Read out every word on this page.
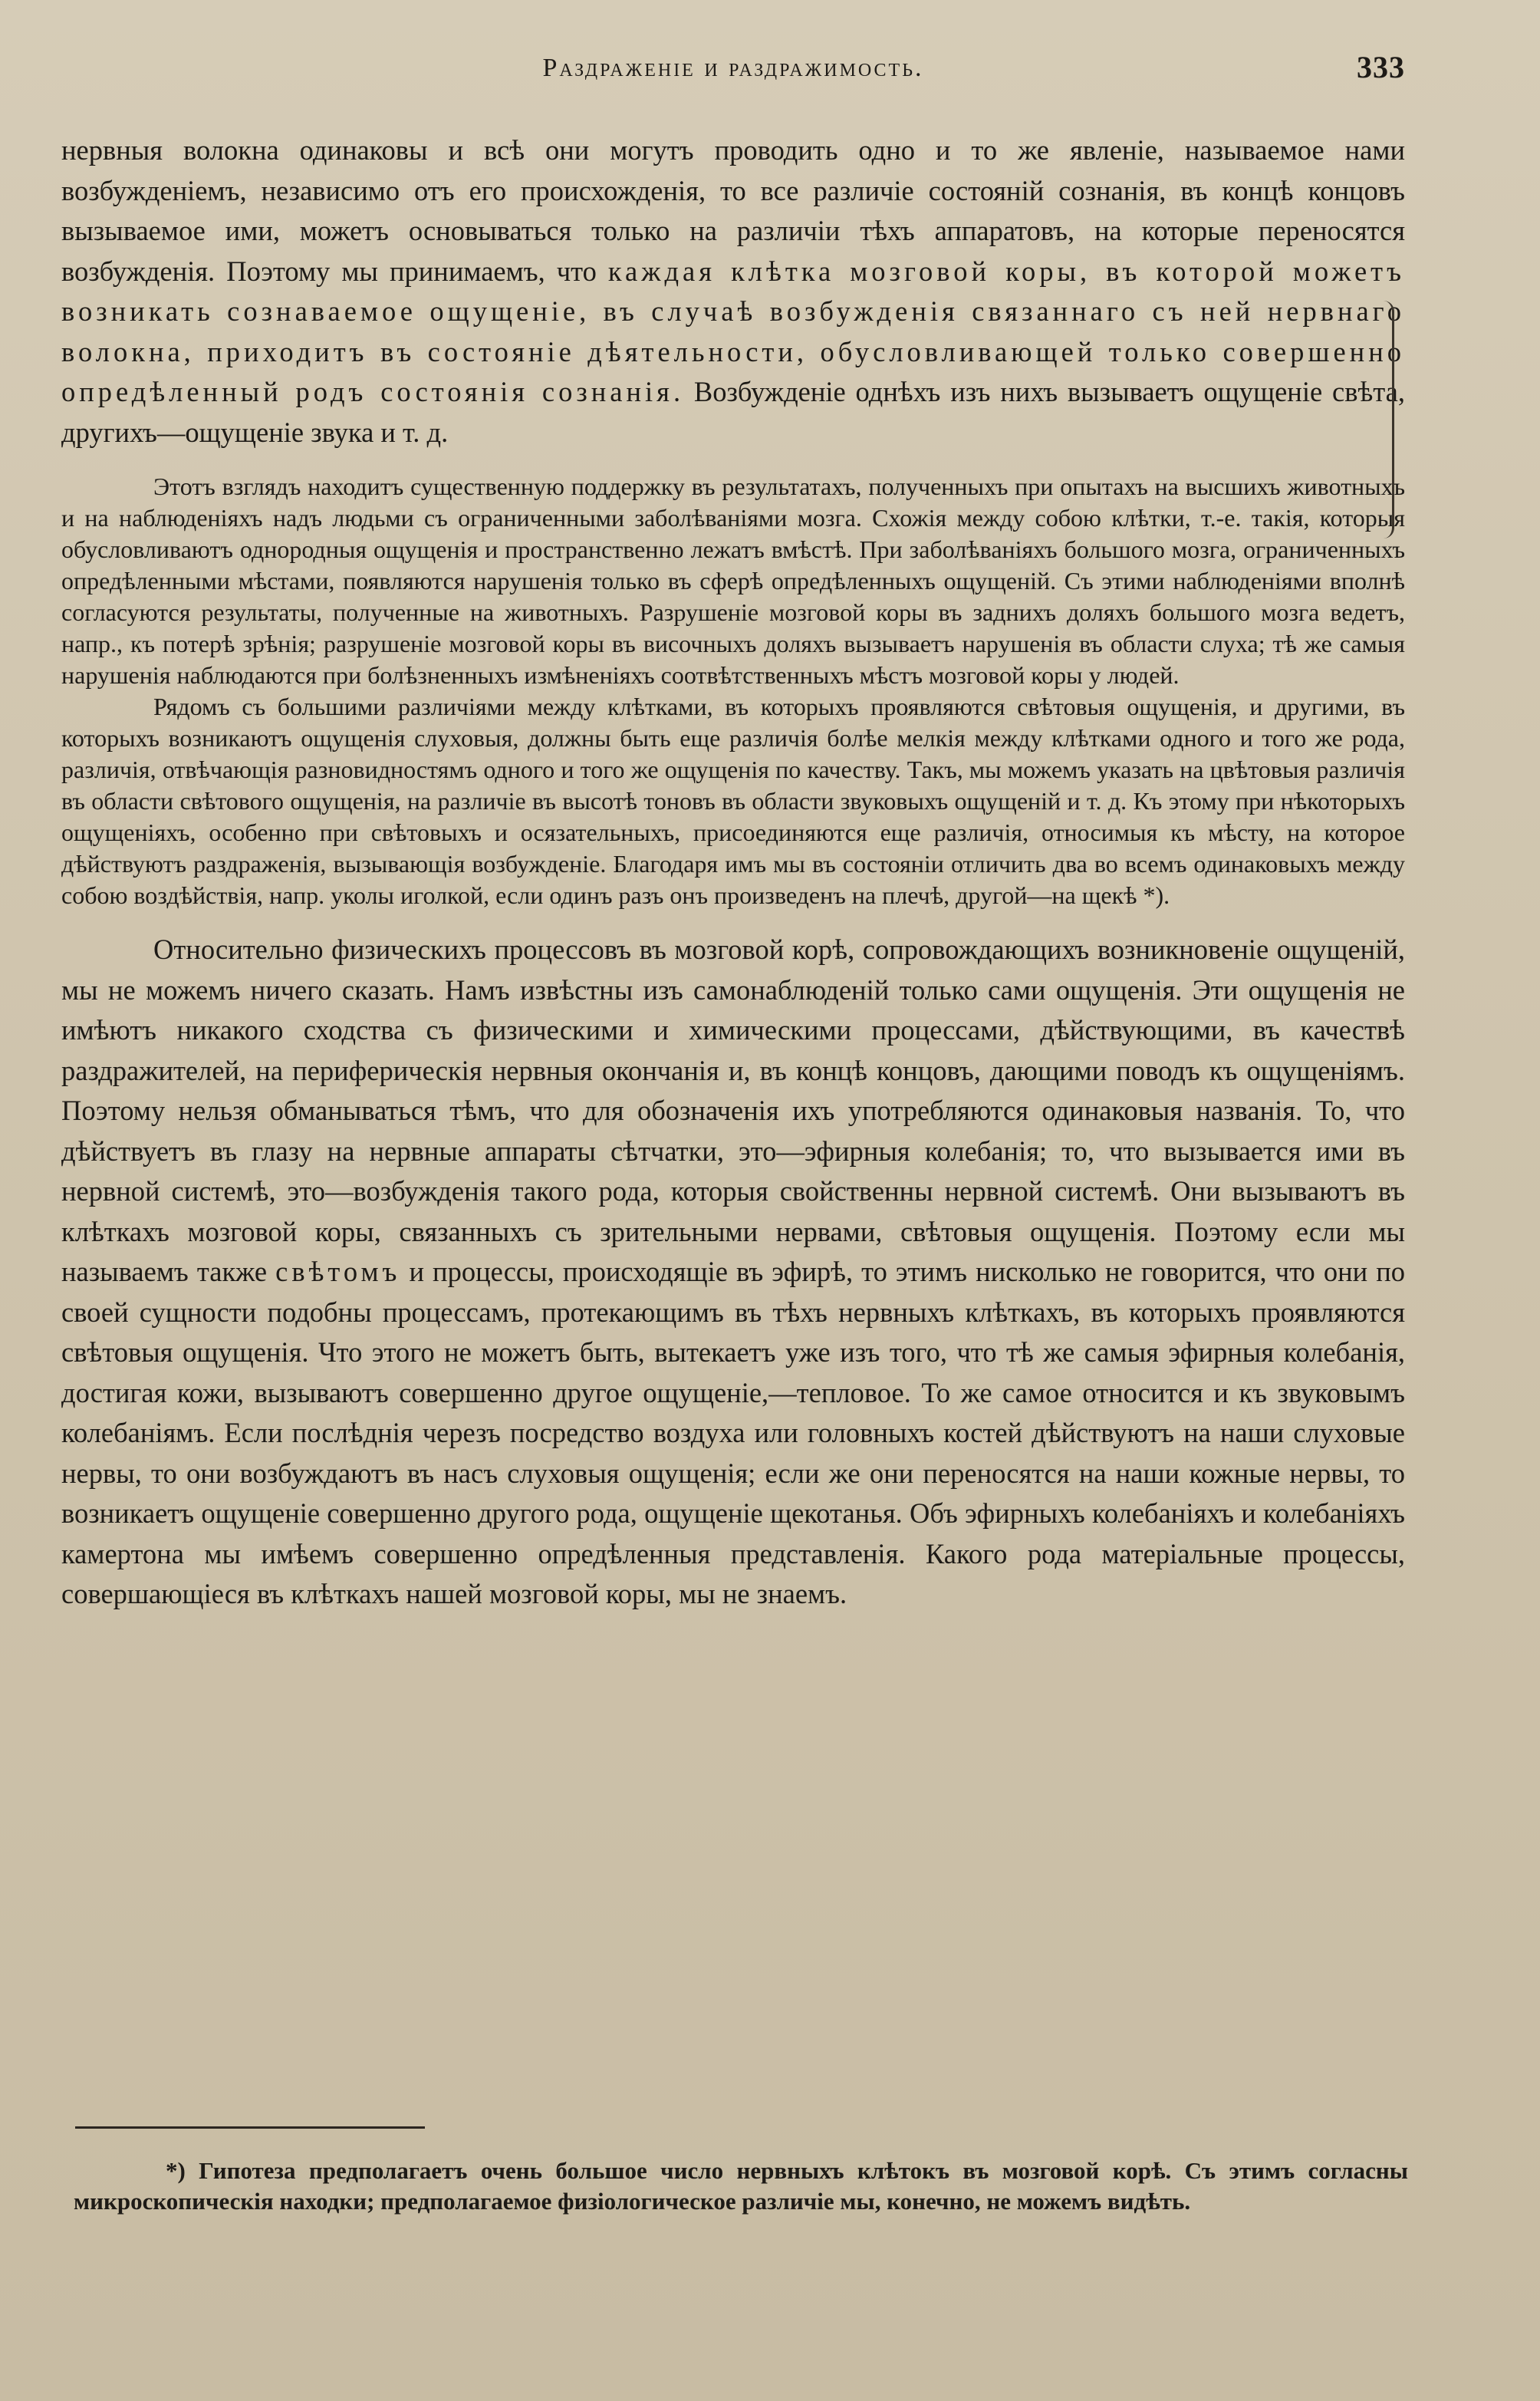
Раздраженіе и раздражимость.	333

нервныя волокна одинаковы и всѣ они могутъ проводить одно и то же явленіе, называемое нами возбужденіемъ, независимо отъ его происхожденія, то все различіе состояній сознанія, въ концѣ концовъ вызываемое ими, можетъ основываться только на различіи тѣхъ аппаратовъ, на которые переносятся возбужденія. Поэтому мы принимаемъ, что каждая клѣтка мозговой коры, въ которой можетъ возникать сознаваемое ощущеніе, въ случаѣ возбужденія связаннаго съ ней нервнаго волокна, приходитъ въ состояніе дѣятельности, обусловливающей только совершенно опредѣленный родъ состоянія сознанія. Возбужденіе однѣхъ изъ нихъ вызываетъ ощущеніе свѣта, другихъ—ощущеніе звука и т. д.

Этотъ взглядъ находитъ существенную поддержку въ результатахъ, полученныхъ при опытахъ на высшихъ животныхъ и на наблюденіяхъ надъ людьми съ ограниченными заболѣваніями мозга. Схожія между собою клѣтки, т.-е. такія, которыя обусловливаютъ однородныя ощущенія и пространственно лежатъ вмѣстѣ. При заболѣваніяхъ большого мозга, ограниченныхъ опредѣленными мѣстами, появляются нарушенія только въ сферѣ опредѣленныхъ ощущеній. Съ этими наблюденіями вполнѣ согласуются результаты, полученные на животныхъ. Разрушеніе мозговой коры въ заднихъ доляхъ большого мозга ведетъ, напр., къ потерѣ зрѣнія; разрушеніе мозговой коры въ височныхъ доляхъ вызываетъ нарушенія въ области слуха; тѣ же самыя нарушенія наблюдаются при болѣзненныхъ измѣненіяхъ соотвѣтственныхъ мѣстъ мозговой коры у людей.

Рядомъ съ большими различіями между клѣтками, въ которыхъ проявляются свѣтовыя ощущенія, и другими, въ которыхъ возникаютъ ощущенія слуховыя, должны быть еще различія болѣе мелкія между клѣтками одного и того же рода, различія, отвѣчающія разновидностямъ одного и того же ощущенія по качеству. Такъ, мы можемъ указать на цвѣтовыя различія въ области свѣтового ощущенія, на различіе въ высотѣ тоновъ въ области звуковыхъ ощущеній и т. д. Къ этому при нѣкоторыхъ ощущеніяхъ, особенно при свѣтовыхъ и осязательныхъ, присоединяются еще различія, относимыя къ мѣсту, на которое дѣйствуютъ раздраженія, вызывающія возбужденіе. Благодаря имъ мы въ состояніи отличить два во всемъ одинаковыхъ между собою воздѣйствія, напр. уколы иголкой, если одинъ разъ онъ произведенъ на плечѣ, другой—на щекѣ *).

Относительно физическихъ процессовъ въ мозговой корѣ, сопровождающихъ возникновеніе ощущеній, мы не можемъ ничего сказать. Намъ извѣстны изъ самонаблюденій только сами ощущенія. Эти ощущенія не имѣютъ никакого сходства съ физическими и химическими процессами, дѣйствующими, въ качествѣ раздражителей, на периферическія нервныя окончанія и, въ концѣ концовъ, дающими поводъ къ ощущеніямъ. Поэтому нельзя обманываться тѣмъ, что для обозначенія ихъ употребляются одинаковыя названія. То, что дѣйствуетъ въ глазу на нервные аппараты сѣтчатки, это—эфирныя колебанія; то, что вызывается ими въ нервной системѣ, это—возбужденія такого рода, которыя свойственны нервной системѣ. Они вызываютъ въ клѣткахъ мозговой коры, связанныхъ съ зрительными нервами, свѣтовыя ощущенія. Поэтому если мы называемъ также свѣтомъ и процессы, происходящіе въ эфирѣ, то этимъ нисколько не говорится, что они по своей сущности подобны процессамъ, протекающимъ въ тѣхъ нервныхъ клѣткахъ, въ которыхъ проявляются свѣтовыя ощущенія. Что этого не можетъ быть, вытекаетъ уже изъ того, что тѣ же самыя эфирныя колебанія, достигая кожи, вызываютъ совершенно другое ощущеніе,—тепловое. То же самое относится и къ звуковымъ колебаніямъ. Если послѣднія черезъ посредство воздуха или головныхъ костей дѣйствуютъ на наши слуховые нервы, то они возбуждаютъ въ насъ слуховыя ощущенія; если же они переносятся на наши кожные нервы, то возникаетъ ощущеніе совершенно другого рода, ощущеніе щекотанья. Объ эфирныхъ колебаніяхъ и колебаніяхъ камертона мы имѣемъ совершенно опредѣленныя представленія. Какого рода матеріальные процессы, совершающіеся въ клѣткахъ нашей мозговой коры, мы не знаемъ.

*) Гипотеза предполагаетъ очень большое число нервныхъ клѣтокъ въ мозговой корѣ. Съ этимъ согласны микроскопическія находки; предполагаемое физіологическое различіе мы, конечно, не можемъ видѣть.
